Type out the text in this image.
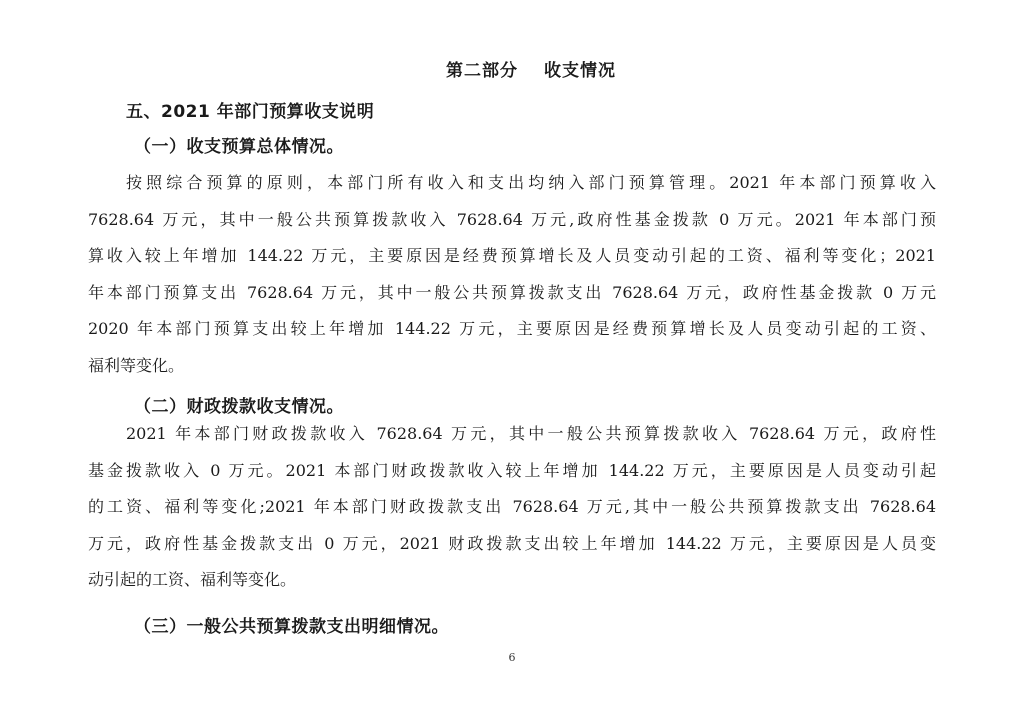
第二部分 收支情况
五、2021 年部门预算收支说明
（一）收支预算总体情况。
按照综合预算的原则，本部门所有收入和支出均纳入部门预算管理。2021 年本部门预算收入
7628.64 万元，其中一般公共预算拨款收入 7628.64 万元,政府性基金拨款 0 万元。2021 年本部门预
算收入较上年增加 144.22 万元，主要原因是经费预算增长及人员变动引起的工资、福利等变化；2021
年本部门预算支出 7628.64 万元，其中一般公共预算拨款支出 7628.64 万元，政府性基金拨款 0 万元
2020 年本部门预算支出较上年增加 144.22 万元，主要原因是经费预算增长及人员变动引起的工资、
福利等变化。
（二）财政拨款收支情况。
2021 年本部门财政拨款收入 7628.64 万元，其中一般公共预算拨款收入 7628.64 万元，政府性
基金拨款收入 0 万元。2021 本部门财政拨款收入较上年增加 144.22 万元，主要原因是人员变动引起
的工资、福利等变化;2021 年本部门财政拨款支出 7628.64 万元,其中一般公共预算拨款支出 7628.64
万元，政府性基金拨款支出 0 万元，2021 财政拨款支出较上年增加 144.22 万元，主要原因是人员变
动引起的工资、福利等变化。
（三）一般公共预算拨款支出明细情况。
6
